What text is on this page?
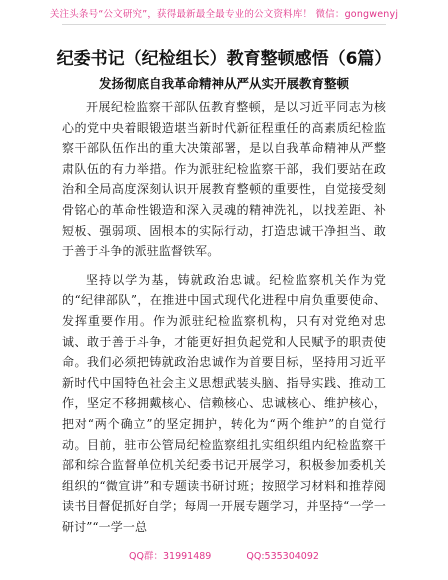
关注头条号“公文研究”，获得最新最全最专业的公文资料库！ 微信：gongwenyj
纪委书记（纪检组长）教育整顿感悟（6篇）
发扬彻底自我革命精神从严从实开展教育整顿

开展纪检监察干部队伍教育整顿，是以习近平同志为核心的党中央着眼锻造堪当新时代新征程重任的高素质纪检监察干部队伍作出的重大决策部署，是以自我革命精神从严整肃队伍的有力举措。作为派驻纪检监察干部，我们要站在政治和全局高度深刻认识开展教育整顿的重要性，自觉接受刻骨铭心的革命性锻造和深入灵魂的精神洗礼，以找差距、补短板、强弱项、固根本的实际行动，打造忠诚干净担当、敢于善于斗争的派驻监督铁军。

坚持以学为基，铸就政治忠诚。纪检监察机关作为党的“纪律部队”，在推进中国式现代化进程中肩负重要使命、发挥重要作用。作为派驻纪检监察机构，只有对党绝对忠诚、敢于善于斗争，才能更好担负起党和人民赋予的职责使命。我们必须把铸就政治忠诚作为首要目标，坚持用习近平新时代中国特色社会主义思想武装头脑、指导实践、推动工作，坚定不移拥戴核心、信赖核心、忠诚核心、维护核心，把对“两个确立”的坚定拥护，转化为“两个维护”的自觉行动。目前，驻市公管局纪检监察组扎实组织组内纪检监察干部和综合监督单位机关纪委书记开展学习，积极参加委机关组织的“微宣讲”和专题读书研讨班；按照学习材料和推荐阅读书目督促抓好自学；每周一开展专题学习，并坚持“一学一研讨”“一学一总

QQ群：31991489	QQ:535304092
